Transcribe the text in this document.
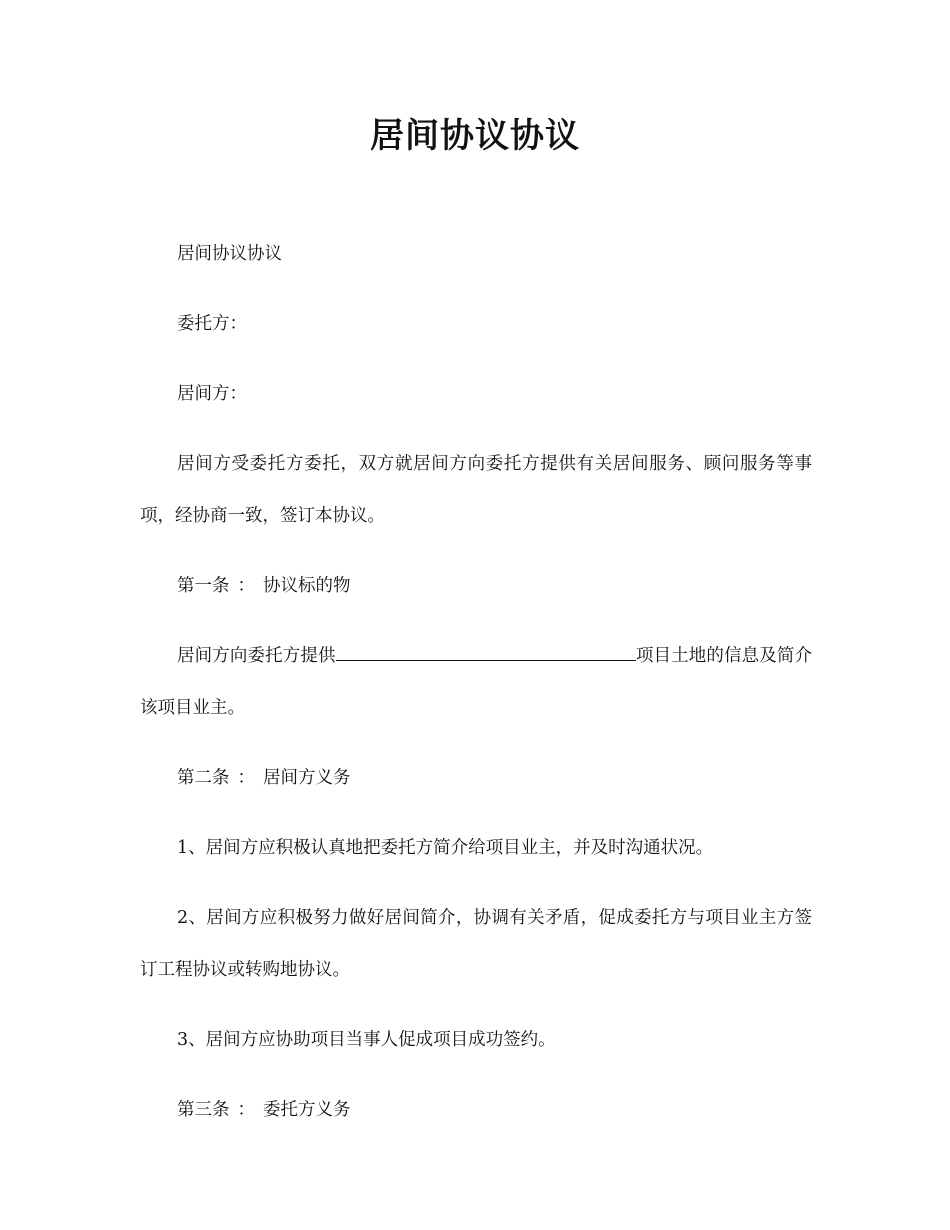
居间协议协议

居间协议协议

委托方：

居间方：

居间方受委托方委托，双方就居间方向委托方提供有关居间服务、顾问服务等事项，经协商一致，签订本协议。

第一条 ： 协议标的物

居间方向委托方提供	项目土地的信息及简介该项目业主。

第二条 ： 居间方义务

1、居间方应积极认真地把委托方简介给项目业主，并及时沟通状况。

2、居间方应积极努力做好居间简介，协调有关矛盾，促成委托方与项目业主方签订工程协议或转购地协议。

3、居间方应协助项目当事人促成项目成功签约。

第三条 ： 委托方义务
